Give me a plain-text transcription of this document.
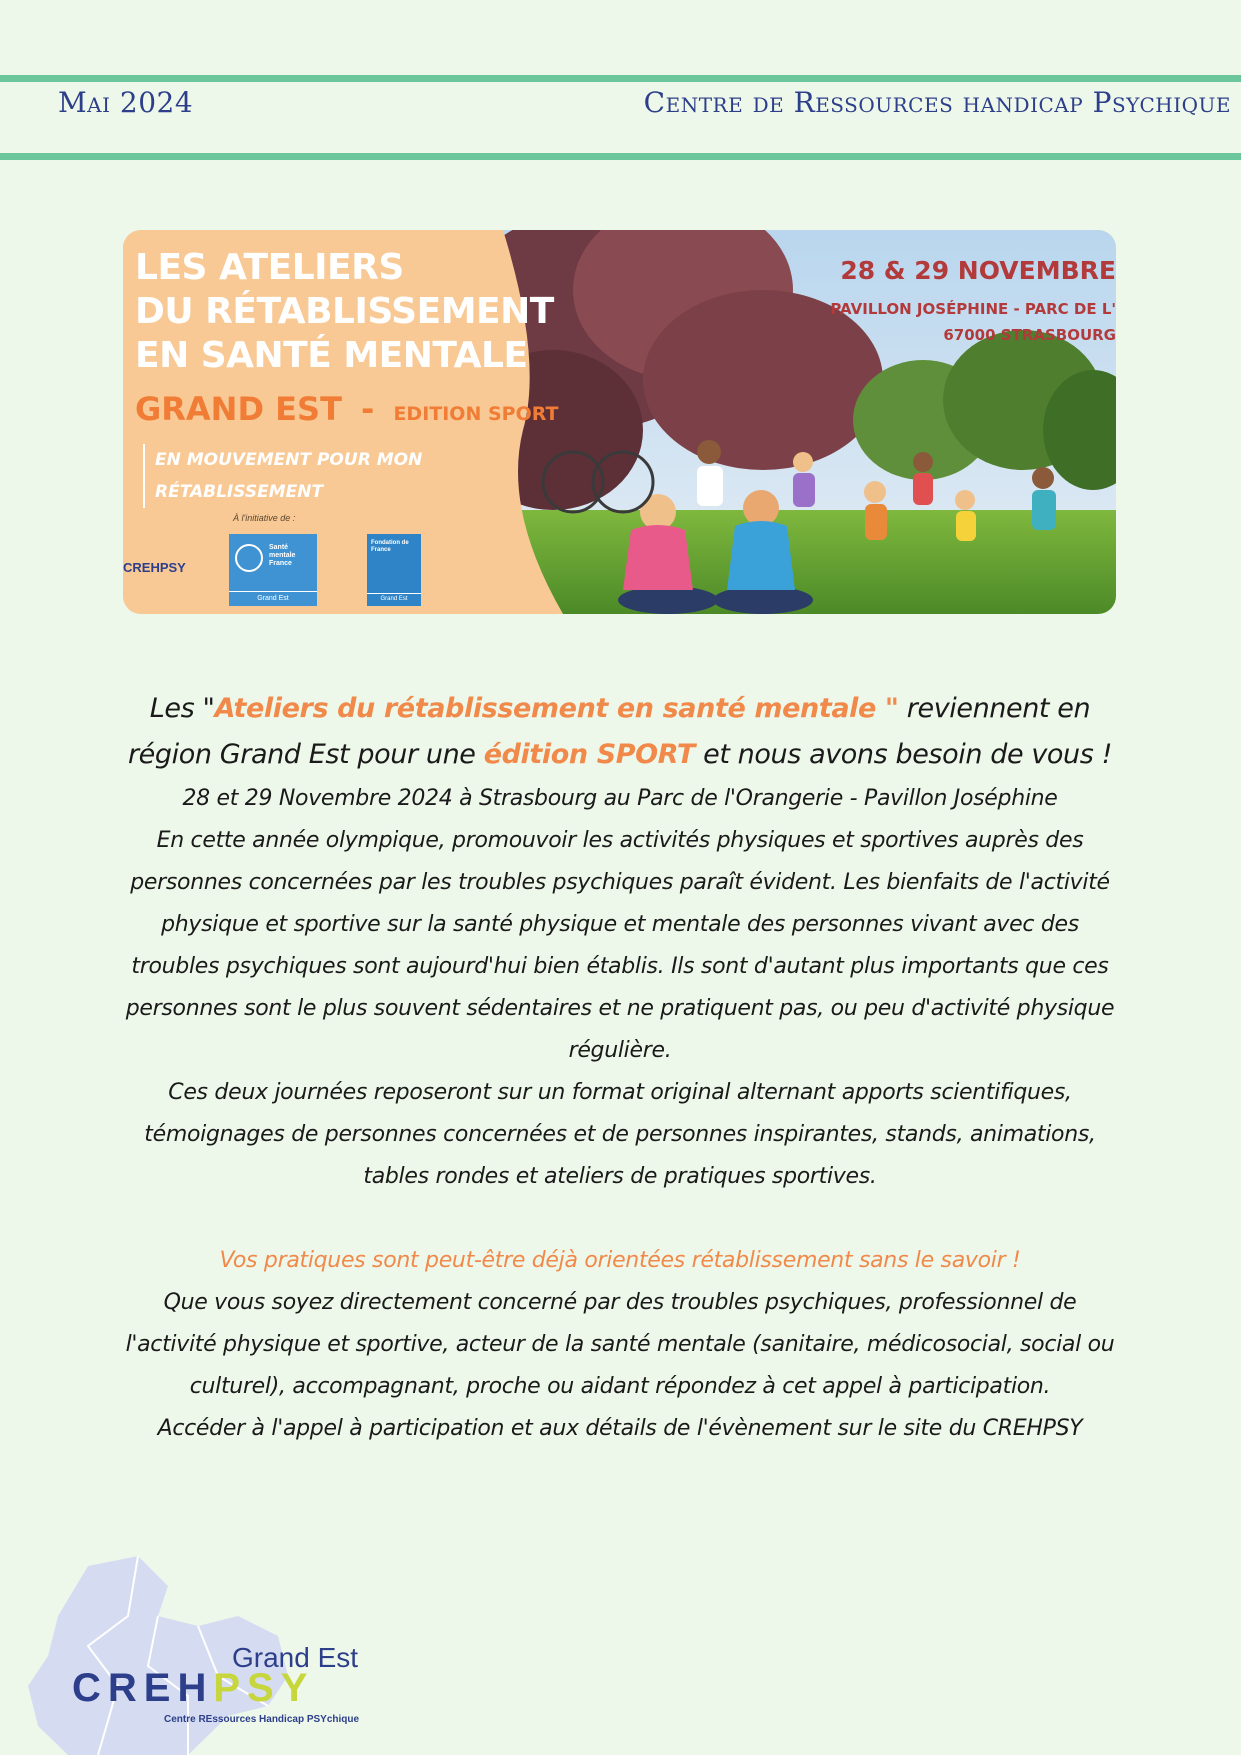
Mai 2024	Centre de Ressources handicap Psychique
LES ATELIERS
DU RÉTABLISSEMENT
EN SANTÉ MENTALE
GRAND EST - EDITION SPORT
EN MOUVEMENT POUR MON RÉTABLISSEMENT
À l'initiative de :
Santé mentale France
Grand Est
Fondation de France
Grand Est
CREHPSY
28 & 29 NOVEMBRE
PAVILLON JOSÉPHINE - PARC DE L'
67000 STRASBOURG
Les "Ateliers du rétablissement en santé mentale " reviennent en région Grand Est pour une édition SPORT et nous avons besoin de vous !

28 et 29 Novembre 2024 à Strasbourg au Parc de l'Orangerie - Pavillon Joséphine

En cette année olympique, promouvoir les activités physiques et sportives auprès des personnes concernées par les troubles psychiques paraît évident. Les bienfaits de l'activité physique et sportive sur la santé physique et mentale des personnes vivant avec des troubles psychiques sont aujourd'hui bien établis. Ils sont d'autant plus importants que ces personnes sont le plus souvent sédentaires et ne pratiquent pas, ou peu d'activité physique régulière.

Ces deux journées reposeront sur un format original alternant apports scientifiques, témoignages de personnes concernées et de personnes inspirantes, stands, animations, tables rondes et ateliers de pratiques sportives.

Vos pratiques sont peut-être déjà orientées rétablissement sans le savoir !

Que vous soyez directement concerné par des troubles psychiques, professionnel de l'activité physique et sportive, acteur de la santé mentale (sanitaire, médicosocial, social ou culturel), accompagnant, proche ou aidant répondez à cet appel à participation.

Accéder à l'appel à participation et aux détails de l'évènement sur le site du CREHPSY

Grand Est
CREHPSY
Centre REssources Handicap PSYchique
